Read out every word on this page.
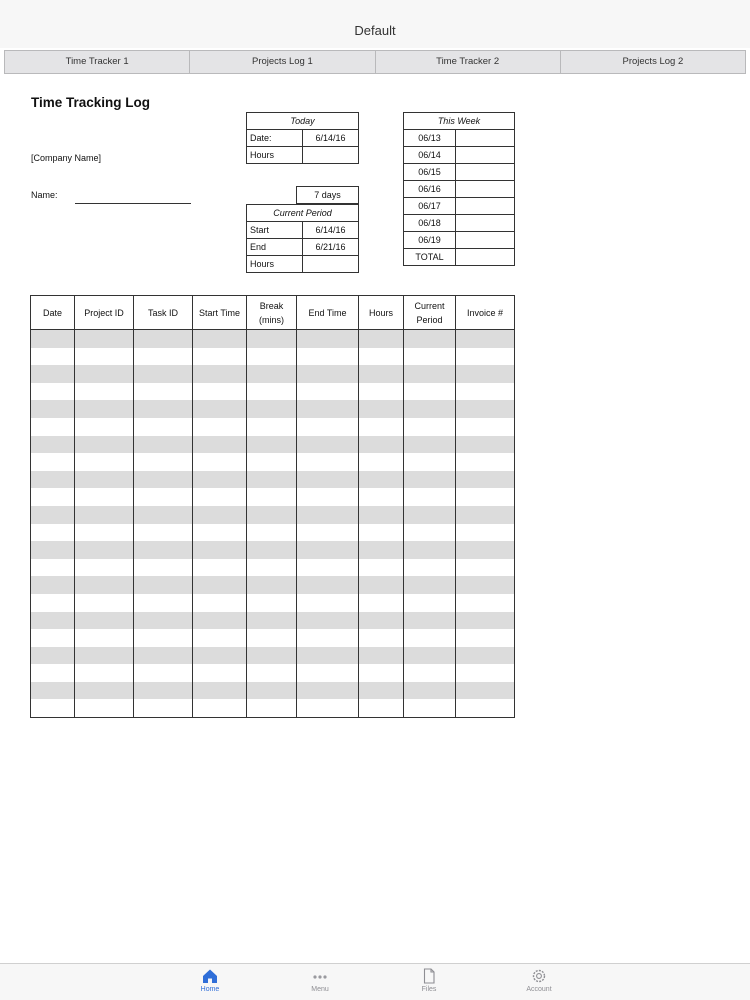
Default
Time Tracker 1	Projects Log 1	Time Tracker 2	Projects Log 2
Time Tracking Log
[Company Name]
Name:
Today	
Date:	6/14/16
Hours	
7 days
Current Period	
Start	6/14/16
End	6/21/16
Hours	
This Week	
06/13	
06/14	
06/15	
06/16	
06/17	
06/18	
06/19	
TOTAL	
Date	Project ID	Task ID	Start Time	Break (mins)	End Time	Hours	Current Period	Invoice #

Home	Menu	Files	Account
